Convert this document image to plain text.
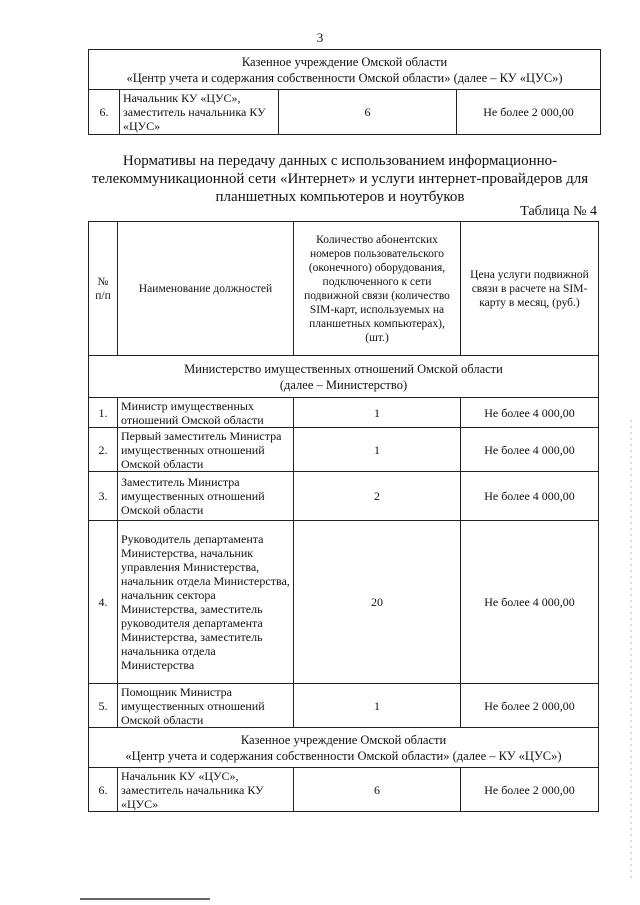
3
Казенное учреждение Омской области
«Центр учета и содержания собственности Омской области» (далее – КУ «ЦУС»)

6.	Начальник КУ «ЦУС», заместитель начальника КУ «ЦУС»	6	Не более 2 000,00
Нормативы на передачу данных с использованием информационно-телекоммуникационной сети «Интернет» и услуги интернет-провайдеров для планшетных компьютеров и ноутбуков
Таблица № 4
№ п/п	Наименование должностей	Количество абонентских номеров пользовательского (оконечного) оборудования, подключенного к сети подвижной связи (количество SIM-карт, используемых на планшетных компьютерах), (шт.)	Цена услуги подвижной связи в расчете на SIM-карту в месяц, (руб.)

Министерство имущественных отношений Омской области
(далее – Министерство)			

1.	Министр имущественных отношений Омской области	1	Не более 4 000,00
2.	Первый заместитель Министра имущественных отношений Омской области	1	Не более 4 000,00
3.	Заместитель Министра имущественных отношений Омской области	2	Не более 4 000,00
4.	Руководитель департамента Министерства, начальник управления Министерства, начальник отдела Министерства, начальник сектора Министерства, заместитель руководителя департамента Министерства, заместитель начальника отдела Министерства	20	Не более 4 000,00
5.	Помощник Министра имущественных отношений Омской области	1	Не более 2 000,00

Казенное учреждение Омской области
«Центр учета и содержания собственности Омской области» (далее – КУ «ЦУС»)			

6.	Начальник КУ «ЦУС», заместитель начальника КУ «ЦУС»	6	Не более 2 000,00
